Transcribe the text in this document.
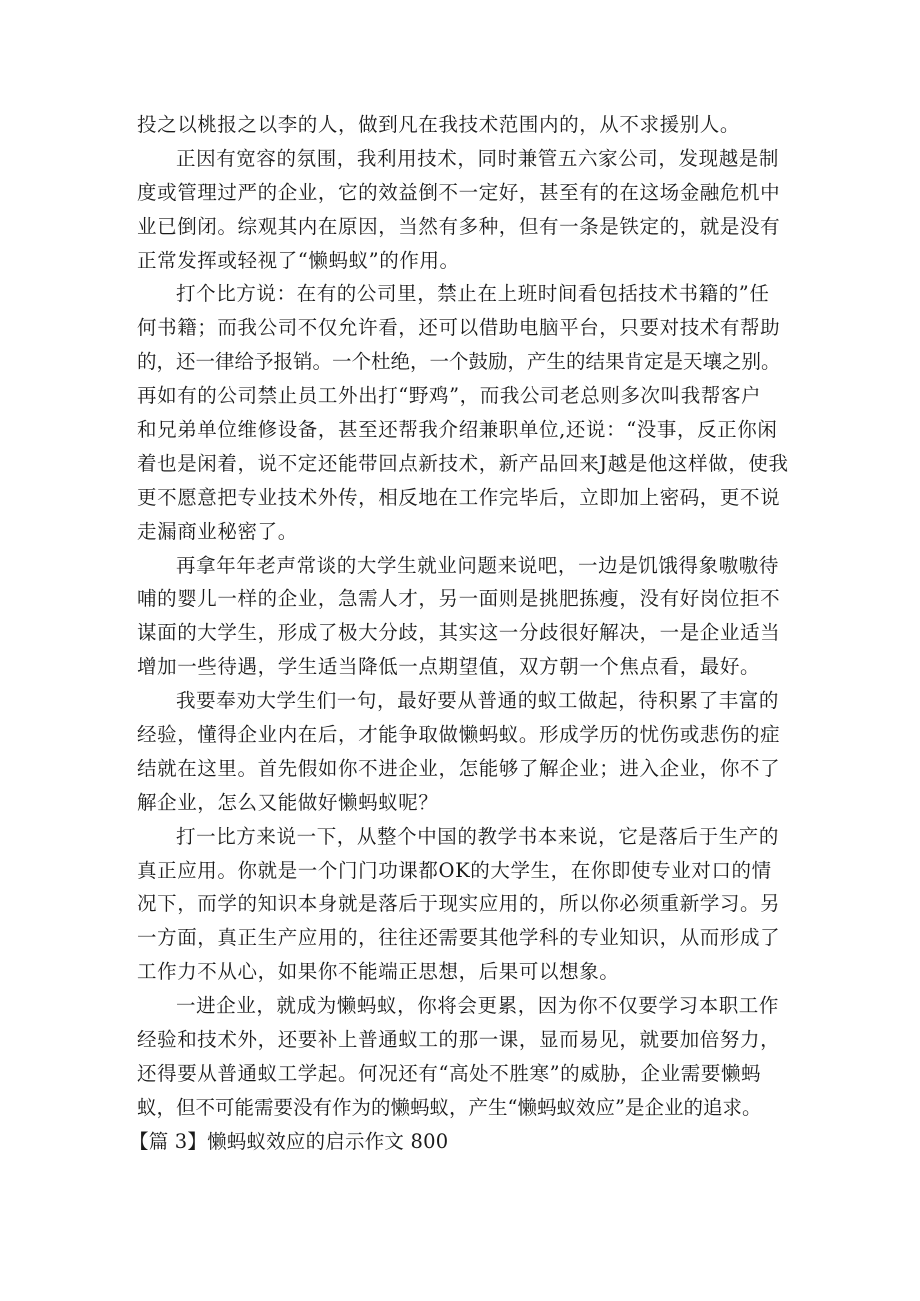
投之以桃报之以李的人，做到凡在我技术范围内的，从不求援别人。
正因有宽容的氛围，我利用技术，同时兼管五六家公司，发现越是制
度或管理过严的企业，它的效益倒不一定好，甚至有的在这场金融危机中
业已倒闭。综观其内在原因，当然有多种，但有一条是铁定的，就是没有
正常发挥或轻视了“懒蚂蚁”的作用。
打个比方说：在有的公司里，禁止在上班时间看包括技术书籍的”任
何书籍；而我公司不仅允许看，还可以借助电脑平台，只要对技术有帮助
的，还一律给予报销。一个杜绝，一个鼓励，产生的结果肯定是天壤之别。
再如有的公司禁止员工外出打“野鸡”，而我公司老总则多次叫我帮客户
和兄弟单位维修设备，甚至还帮我介绍兼职单位,还说：“没事，反正你闲
着也是闲着，说不定还能带回点新技术，新产品回来J越是他这样做，使我
更不愿意把专业技术外传，相反地在工作完毕后，立即加上密码，更不说
走漏商业秘密了。
再拿年年老声常谈的大学生就业问题来说吧，一边是饥饿得象嗷嗷待
哺的婴儿一样的企业，急需人才，另一面则是挑肥拣瘦，没有好岗位拒不
谋面的大学生，形成了极大分歧，其实这一分歧很好解决，一是企业适当
增加一些待遇，学生适当降低一点期望值，双方朝一个焦点看，最好。
我要奉劝大学生们一句，最好要从普通的蚁工做起，待积累了丰富的
经验，懂得企业内在后，才能争取做懒蚂蚁。形成学历的忧伤或悲伤的症
结就在这里。首先假如你不进企业，怎能够了解企业；进入企业，你不了
解企业，怎么又能做好懒蚂蚁呢？
打一比方来说一下，从整个中国的教学书本来说，它是落后于生产的
真正应用。你就是一个门门功课都OK的大学生，在你即使专业对口的情
况下，而学的知识本身就是落后于现实应用的，所以你必须重新学习。另
一方面，真正生产应用的，往往还需要其他学科的专业知识，从而形成了
工作力不从心，如果你不能端正思想，后果可以想象。
一进企业，就成为懒蚂蚁，你将会更累，因为你不仅要学习本职工作
经验和技术外，还要补上普通蚁工的那一课，显而易见，就要加倍努力，
还得要从普通蚁工学起。何况还有“高处不胜寒”的威胁，企业需要懒蚂
蚁，但不可能需要没有作为的懒蚂蚁，产生“懒蚂蚁效应”是企业的追求。
【篇 3】懒蚂蚁效应的启示作文 800
